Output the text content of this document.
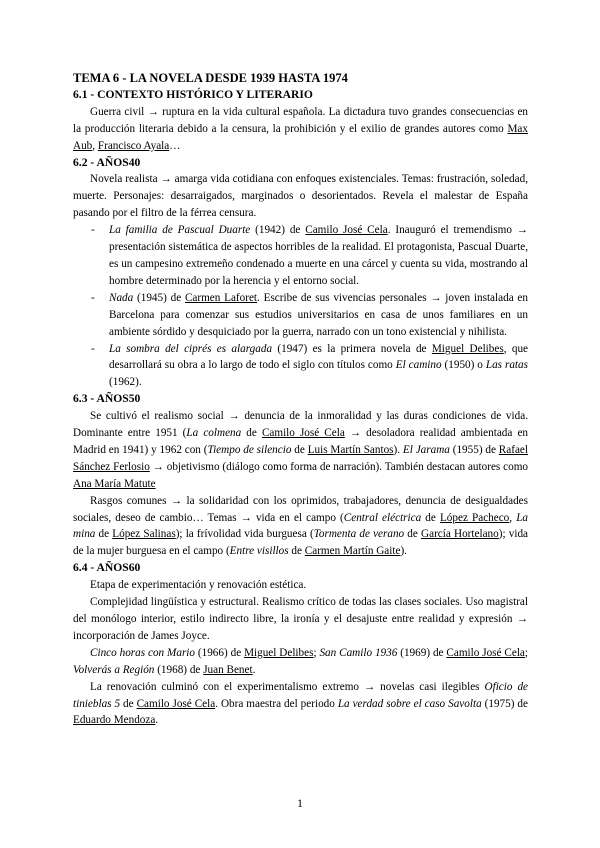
TEMA 6 - LA NOVELA DESDE 1939 HASTA 1974
6.1 - CONTEXTO HISTÓRICO Y LITERARIO

Guerra civil → ruptura en la vida cultural española. La dictadura tuvo grandes consecuencias en la producción literaria debido a la censura, la prohibición y el exilio de grandes autores como Max Aub, Francisco Ayala…

6.2 - AÑOS40

Novela realista → amarga vida cotidiana con enfoques existenciales. Temas: frustración, soledad, muerte. Personajes: desarraigados, marginados o desorientados. Revela el malestar de España pasando por el filtro de la férrea censura.

- La familia de Pascual Duarte (1942) de Camilo José Cela. Inauguró el tremendismo → presentación sistemática de aspectos horribles de la realidad. El protagonista, Pascual Duarte, es un campesino extremeño condenado a muerte en una cárcel y cuenta su vida, mostrando al hombre determinado por la herencia y el entorno social.
- Nada (1945) de Carmen Laforet. Escribe de sus vivencias personales → joven instalada en Barcelona para comenzar sus estudios universitarios en casa de unos familiares en un ambiente sórdido y desquiciado por la guerra, narrado con un tono existencial y nihilista.
- La sombra del ciprés es alargada (1947) es la primera novela de Miguel Delibes, que desarrollará su obra a lo largo de todo el siglo con títulos como El camino (1950) o Las ratas (1962).
6.3 - AÑOS50

Se cultivó el realismo social → denuncia de la inmoralidad y las duras condiciones de vida. Dominante entre 1951 (La colmena de Camilo José Cela → desoladora realidad ambientada en Madrid en 1941) y 1962 con (Tiempo de silencio de Luis Martín Santos). El Jarama (1955) de Rafael Sánchez Ferlosio → objetivismo (diálogo como forma de narración). También destacan autores como Ana María Matute

Rasgos comunes → la solidaridad con los oprimidos, trabajadores, denuncia de desigualdades sociales, deseo de cambio… Temas → vida en el campo (Central eléctrica de López Pacheco, La mina de López Salinas); la frívolidad vida burguesa (Tormenta de verano de García Hortelano); vida de la mujer burguesa en el campo (Entre visillos de Carmen Martín Gaite).

6.4 - AÑOS60

Etapa de experimentación y renovación estética.

Complejidad lingüística y estructural. Realismo crítico de todas las clases sociales. Uso magistral del monólogo interior, estilo indirecto libre, la ironía y el desajuste entre realidad y expresión → incorporación de James Joyce.

Cinco horas con Mario (1966) de Miguel Delibes; San Camilo 1936 (1969) de Camilo José Cela; Volverás a Región (1968) de Juan Benet.

La renovación culminó con el experimentalismo extremo → novelas casi ilegibles Oficio de tinieblas 5 de Camilo José Cela. Obra maestra del periodo La verdad sobre el caso Savolta (1975) de Eduardo Mendoza.

1
